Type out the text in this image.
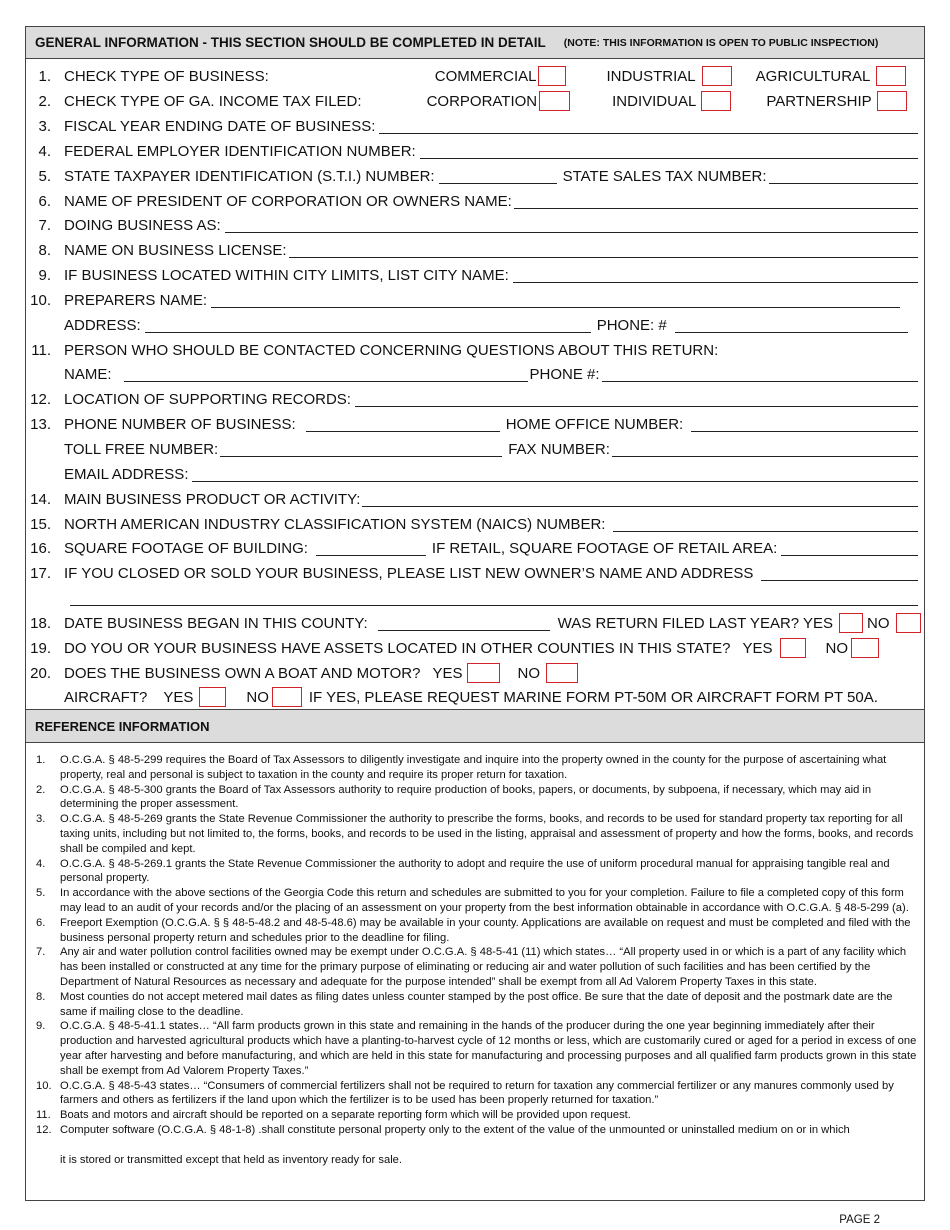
GENERAL INFORMATION - THIS SECTION SHOULD BE COMPLETED IN DETAIL (NOTE: THIS INFORMATION IS OPEN TO PUBLIC INSPECTION)
1. CHECK TYPE OF BUSINESS:	COMMERCIAL	INDUSTRIAL	AGRICULTURAL
2. CHECK TYPE OF GA. INCOME TAX FILED:	CORPORATION	INDIVIDUAL	PARTNERSHIP
3. FISCAL YEAR ENDING DATE OF BUSINESS:
4. FEDERAL EMPLOYER IDENTIFICATION NUMBER:
5. STATE TAXPAYER IDENTIFICATION (S.T.I.) NUMBER:	STATE SALES TAX NUMBER:
6. NAME OF PRESIDENT OF CORPORATION OR OWNERS NAME:
7. DOING BUSINESS AS:
8. NAME ON BUSINESS LICENSE:
9. IF BUSINESS LOCATED WITHIN CITY LIMITS, LIST CITY NAME:
10. PREPARERS NAME:
ADDRESS:	PHONE: #
11. PERSON WHO SHOULD BE CONTACTED CONCERNING QUESTIONS ABOUT THIS RETURN:
NAME:	PHONE #:
12. LOCATION OF SUPPORTING RECORDS:
13. PHONE NUMBER OF BUSINESS:	HOME OFFICE NUMBER:
TOLL FREE NUMBER:	FAX NUMBER:
EMAIL ADDRESS:
14. MAIN BUSINESS PRODUCT OR ACTIVITY:
15. NORTH AMERICAN INDUSTRY CLASSIFICATION SYSTEM (NAICS) NUMBER:
16. SQUARE FOOTAGE OF BUILDING:	IF RETAIL, SQUARE FOOTAGE OF RETAIL AREA:
17. IF YOU CLOSED OR SOLD YOUR BUSINESS, PLEASE LIST NEW OWNER’S NAME AND ADDRESS
18. DATE BUSINESS BEGAN IN THIS COUNTY:	WAS RETURN FILED LAST YEAR? YES NO
19. DO YOU OR YOUR BUSINESS HAVE ASSETS LOCATED IN OTHER COUNTIES IN THIS STATE? YES	NO
20. DOES THE BUSINESS OWN A BOAT AND MOTOR? YES	NO
AIRCRAFT? YES	NO	IF YES, PLEASE REQUEST MARINE FORM PT-50M OR AIRCRAFT FORM PT 50A.
REFERENCE INFORMATION
1.	O.C.G.A. § 48-5-299 requires the Board of Tax Assessors to diligently investigate and inquire into the property owned in the county for the purpose of ascertaining what property, real and personal is subject to taxation in the county and require its proper return for taxation.
2.	O.C.G.A. § 48-5-300 grants the Board of Tax Assessors authority to require production of books, papers, or documents, by subpoena, if necessary, which may aid in determining the proper assessment.
3.	O.C.G.A. § 48-5-269 grants the State Revenue Commissioner the authority to prescribe the forms, books, and records to be used for standard property tax reporting for all taxing units, including but not limited to, the forms, books, and records to be used in the listing, appraisal and assessment of property and how the forms, books, and records shall be compiled and kept.
4.	O.C.G.A. § 48-5-269.1 grants the State Revenue Commissioner the authority to adopt and require the use of uniform procedural manual for appraising tangible real and personal property.
5.	In accordance with the above sections of the Georgia Code this return and schedules are submitted to you for your completion. Failure to file a completed copy of this form may lead to an audit of your records and/or the placing of an assessment on your property from the best information obtainable in accordance with O.C.G.A. § 48-5-299 (a).
6.	Freeport Exemption (O.C.G.A. § § 48-5-48.2 and 48-5-48.6) may be available in your county. Applications are available on request and must be completed and filed with the business personal property return and schedules prior to the deadline for filing.
7.	Any air and water pollution control facilities owned may be exempt under O.C.G.A. § 48-5-41 (11) which states… “All property used in or which is a part of any facility which has been installed or constructed at any time for the primary purpose of eliminating or reducing air and water pollution of such facilities and has been certified by the Department of Natural Resources as necessary and adequate for the purpose intended” shall be exempt from all Ad Valorem Property Taxes in this state.
8.	Most counties do not accept metered mail dates as filing dates unless counter stamped by the post office. Be sure that the date of deposit and the postmark date are the same if mailing close to the deadline.
9.	O.C.G.A. § 48-5-41.1 states… “All farm products grown in this state and remaining in the hands of the producer during the one year beginning immediately after their production and harvested agricultural products which have a planting-to-harvest cycle of 12 months or less, which are customarily cured or aged for a period in excess of one year after harvesting and before manufacturing, and which are held in this state for manufacturing and processing purposes and all qualified farm products grown in this state shall be exempt from Ad Valorem Property Taxes.”
10. O.C.G.A. § 48-5-43 states… “Consumers of commercial fertilizers shall not be required to return for taxation any commercial fertilizer or any manures commonly used by farmers and others as fertilizers if the land upon which the fertilizer is to be used has been properly returned for taxation.”
11. Boats and motors and aircraft should be reported on a separate reporting form which will be provided upon request.
12. Computer software (O.C.G.A. § 48-1-8) .shall constitute personal property only to the extent of the value of the unmounted or uninstalled medium on or in which
it is stored or transmitted except that held as inventory ready for sale.
PAGE 2
